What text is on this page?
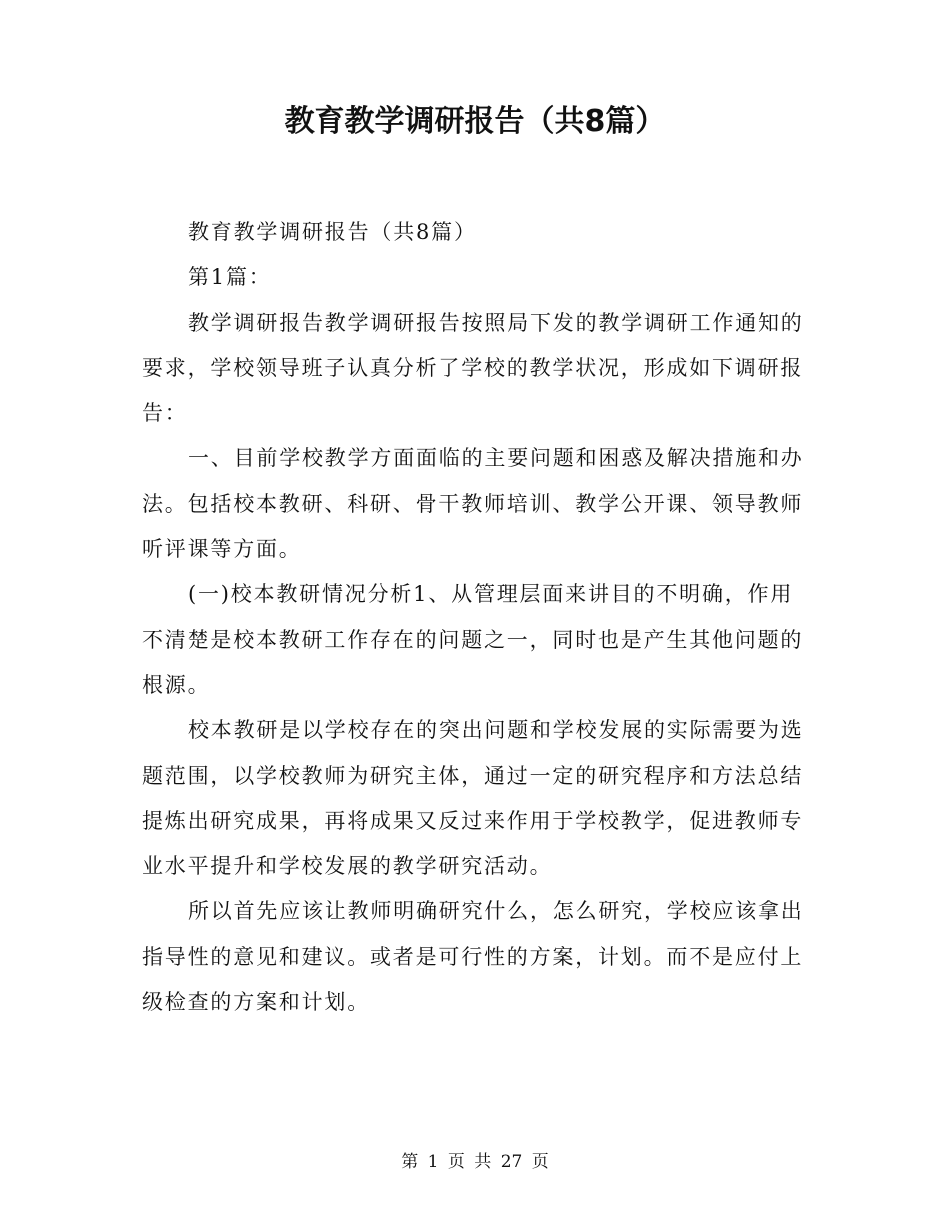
教育教学调研报告（共8篇）

教育教学调研报告（共8篇）

第1篇：

教学调研报告教学调研报告按照局下发的教学调研工作通知的要求，学校领导班子认真分析了学校的教学状况，形成如下调研报告：

一、目前学校教学方面面临的主要问题和困惑及解决措施和办法。包括校本教研、科研、骨干教师培训、教学公开课、领导教师听评课等方面。

(一)校本教研情况分析1、从管理层面来讲目的不明确，作用不清楚是校本教研工作存在的问题之一，同时也是产生其他问题的根源。

校本教研是以学校存在的突出问题和学校发展的实际需要为选题范围，以学校教师为研究主体，通过一定的研究程序和方法总结提炼出研究成果，再将成果又反过来作用于学校教学，促进教师专业水平提升和学校发展的教学研究活动。

所以首先应该让教师明确研究什么，怎么研究，学校应该拿出指导性的意见和建议。或者是可行性的方案，计划。而不是应付上级检查的方案和计划。

第 1 页 共 27 页
